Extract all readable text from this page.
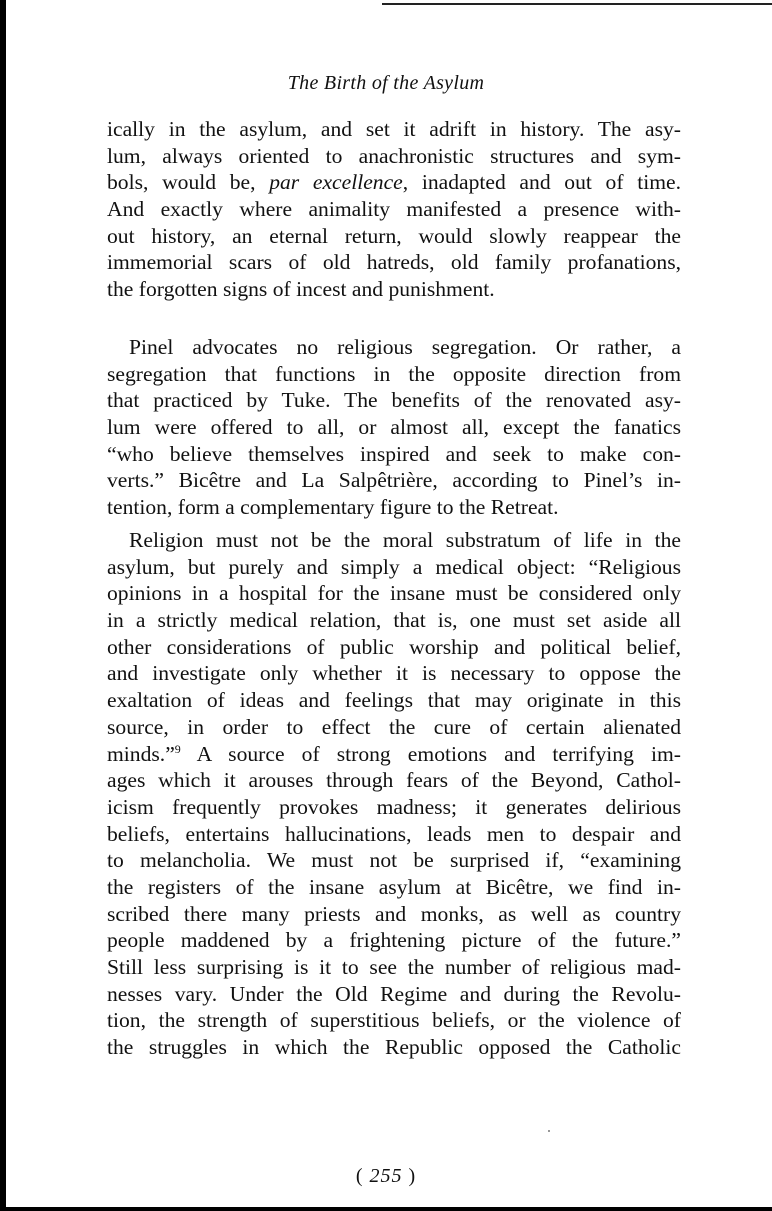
The Birth of the Asylum
ically in the asylum, and set it adrift in history. The asy-
lum, always oriented to anachronistic structures and sym-
bols, would be, par excellence, inadapted and out of time.
And exactly where animality manifested a presence with-
out history, an eternal return, would slowly reappear the
immemorial scars of old hatreds, old family profanations,
the forgotten signs of incest and punishment.
Pinel advocates no religious segregation. Or rather, a
segregation that functions in the opposite direction from
that practiced by Tuke. The benefits of the renovated asy-
lum were offered to all, or almost all, except the fanatics
“who believe themselves inspired and seek to make con-
verts.” Bicêtre and La Salpêtrière, according to Pinel’s in-
tention, form a complementary figure to the Retreat.
Religion must not be the moral substratum of life in the
asylum, but purely and simply a medical object: “Religious
opinions in a hospital for the insane must be considered only
in a strictly medical relation, that is, one must set aside all
other considerations of public worship and political belief,
and investigate only whether it is necessary to oppose the
exaltation of ideas and feelings that may originate in this
source, in order to effect the cure of certain alienated
minds.”$^9$ A source of strong emotions and terrifying im-
ages which it arouses through fears of the Beyond, Cathol-
icism frequently provokes madness; it generates delirious
beliefs, entertains hallucinations, leads men to despair and
to melancholia. We must not be surprised if, “examining
the registers of the insane asylum at Bicêtre, we find in-
scribed there many priests and monks, as well as country
people maddened by a frightening picture of the future.”
Still less surprising is it to see the number of religious mad-
nesses vary. Under the Old Regime and during the Revolu-
tion, the strength of superstitious beliefs, or the violence of
the struggles in which the Republic opposed the Catholic
( 255 )
